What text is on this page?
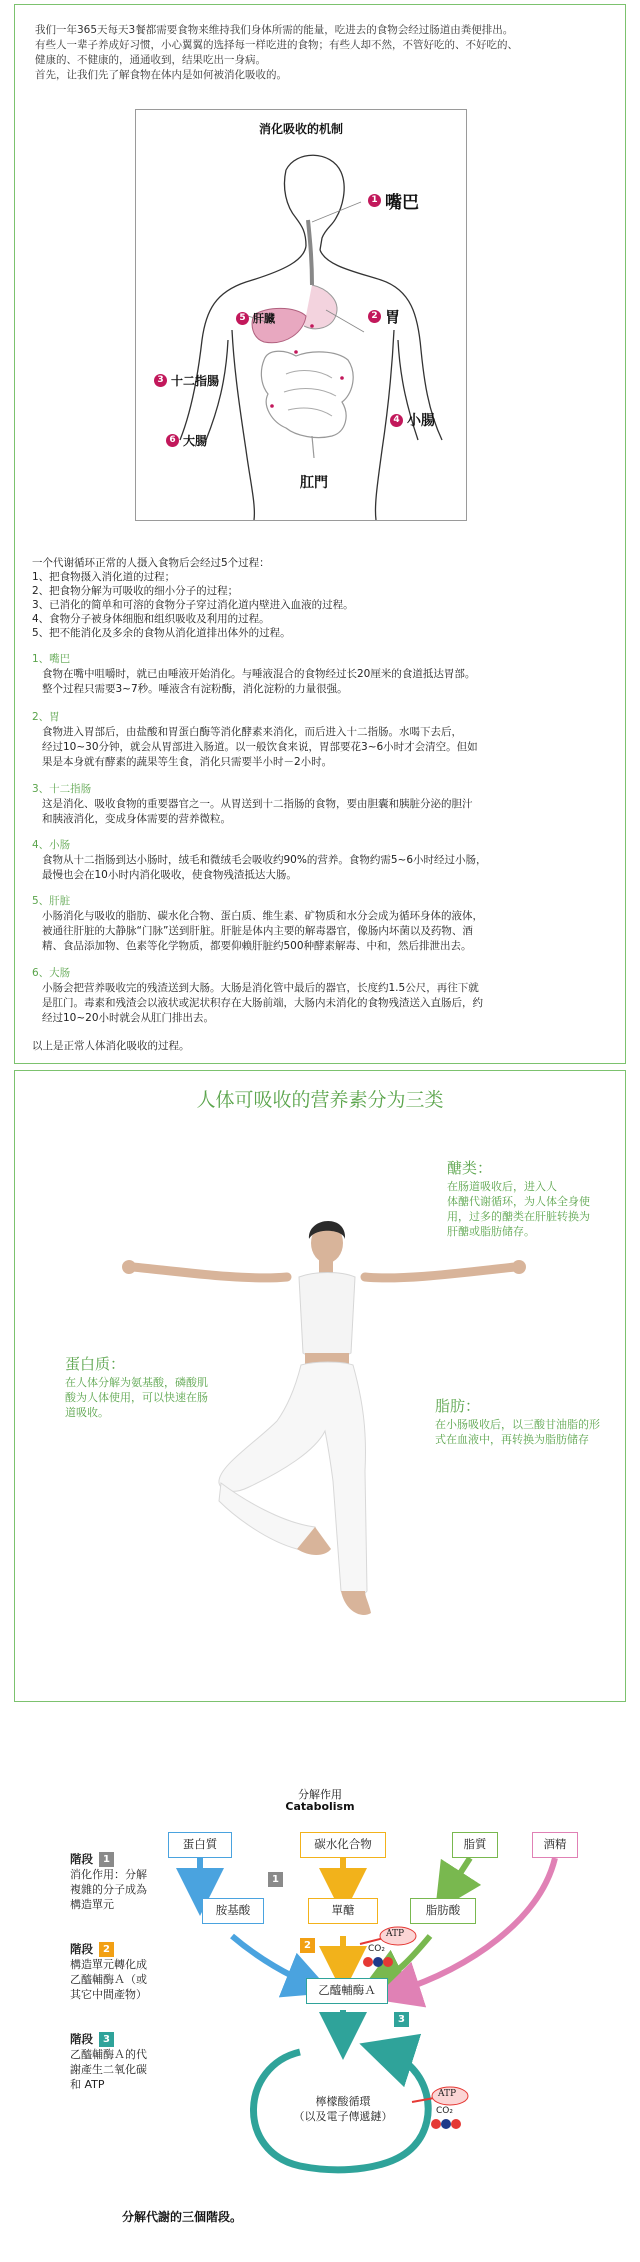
我们一年365天每天3餐都需要食物来维持我们身体所需的能量，吃进去的食物会经过肠道由粪便排出。
有些人一辈子养成好习惯，小心翼翼的选择每一样吃进的食物；有些人却不然，不管好吃的、不好吃的、
健康的、不健康的，通通收到，结果吃出一身病。
首先，让我们先了解食物在体内是如何被消化吸收的。
消化吸收的机制
1 嘴巴
5 肝臓	2 胃
3 十二指腸
4 小腸
6 大腸
肛門
一个代谢循环正常的人摄入食物后会经过5个过程：
1、把食物摄入消化道的过程；
2、把食物分解为可吸收的细小分子的过程；
3、已消化的简单和可溶的食物分子穿过消化道内壁进入血液的过程。
4、食物分子被身体细胞和组织吸收及利用的过程。
5、把不能消化及多余的食物从消化道排出体外的过程。
1、嘴巴
食物在嘴中咀嚼时，就已由唾液开始消化。与唾液混合的食物经过长20厘米的食道抵达胃部。
整个过程只需要3~7秒。唾液含有淀粉酶，消化淀粉的力量很强。
2、胃
食物进入胃部后，由盐酸和胃蛋白酶等消化酵素来消化，而后进入十二指肠。水喝下去后，
经过10~30分钟，就会从胃部进入肠道。以一般饮食来说，胃部要花3~6小时才会清空。但如
果是本身就有酵素的蔬果等生食，消化只需要半小时－2小时。
3、十二指肠
这是消化、吸收食物的重要器官之一。从胃送到十二指肠的食物，要由胆囊和胰脏分泌的胆汁
和胰液消化，变成身体需要的营养微粒。
4、小肠
食物从十二指肠到达小肠时，绒毛和微绒毛会吸收约90%的营养。食物约需5~6小时经过小肠，
最慢也会在10小时内消化吸收，使食物残渣抵达大肠。
5、肝脏
小肠消化与吸收的脂肪、碳水化合物、蛋白质、维生素、矿物质和水分会成为循环身体的液体，
被通往肝脏的大静脉“门脉”送到肝脏。肝脏是体内主要的解毒器官，像肠内坏菌以及药物、酒
精、食品添加物、色素等化学物质，都要仰赖肝脏约500种酵素解毒、中和，然后排泄出去。
6、大肠
小肠会把营养吸收完的残渣送到大肠。大肠是消化管中最后的器官，长度约1.5公尺，再往下就
是肛门。毒素和残渣会以液状或泥状积存在大肠前端，大肠内未消化的食物残渣送入直肠后，约
经过10~20小时就会从肛门排出去。
以上是正常人体消化吸收的过程。
人体可吸收的营养素分为三类
醣类：
在肠道吸收后，进入人
体醣代谢循环，为人体全身使
用，过多的醣类在肝脏转换为
肝醣或脂肪储存。
蛋白质：
在人体分解为氨基酸，磷酸肌
酸为人体使用，可以快速在肠
道吸收。	脂肪：
在小肠吸收后，以三酸甘油脂的形
式在血液中，再转换为脂肪储存
分解作用
Catabolism
階段	1
消化作用：分解
複雜的分子成為
構造單元
階段	2
構造單元轉化成
乙醯輔酶Ａ（或
其它中間產物）
階段	3
乙醯輔酶Ａ的代
謝產生二氧化碳
和 ATP
蛋白質	碳水化合物	脂質	酒精
胺基酸	單醣	脂肪酸
乙醯輔酶Ａ
1
2
3
ATP
CO₂
ATP
CO₂
檸檬酸循環
（以及電子傳遞鏈）
分解代謝的三個階段。
